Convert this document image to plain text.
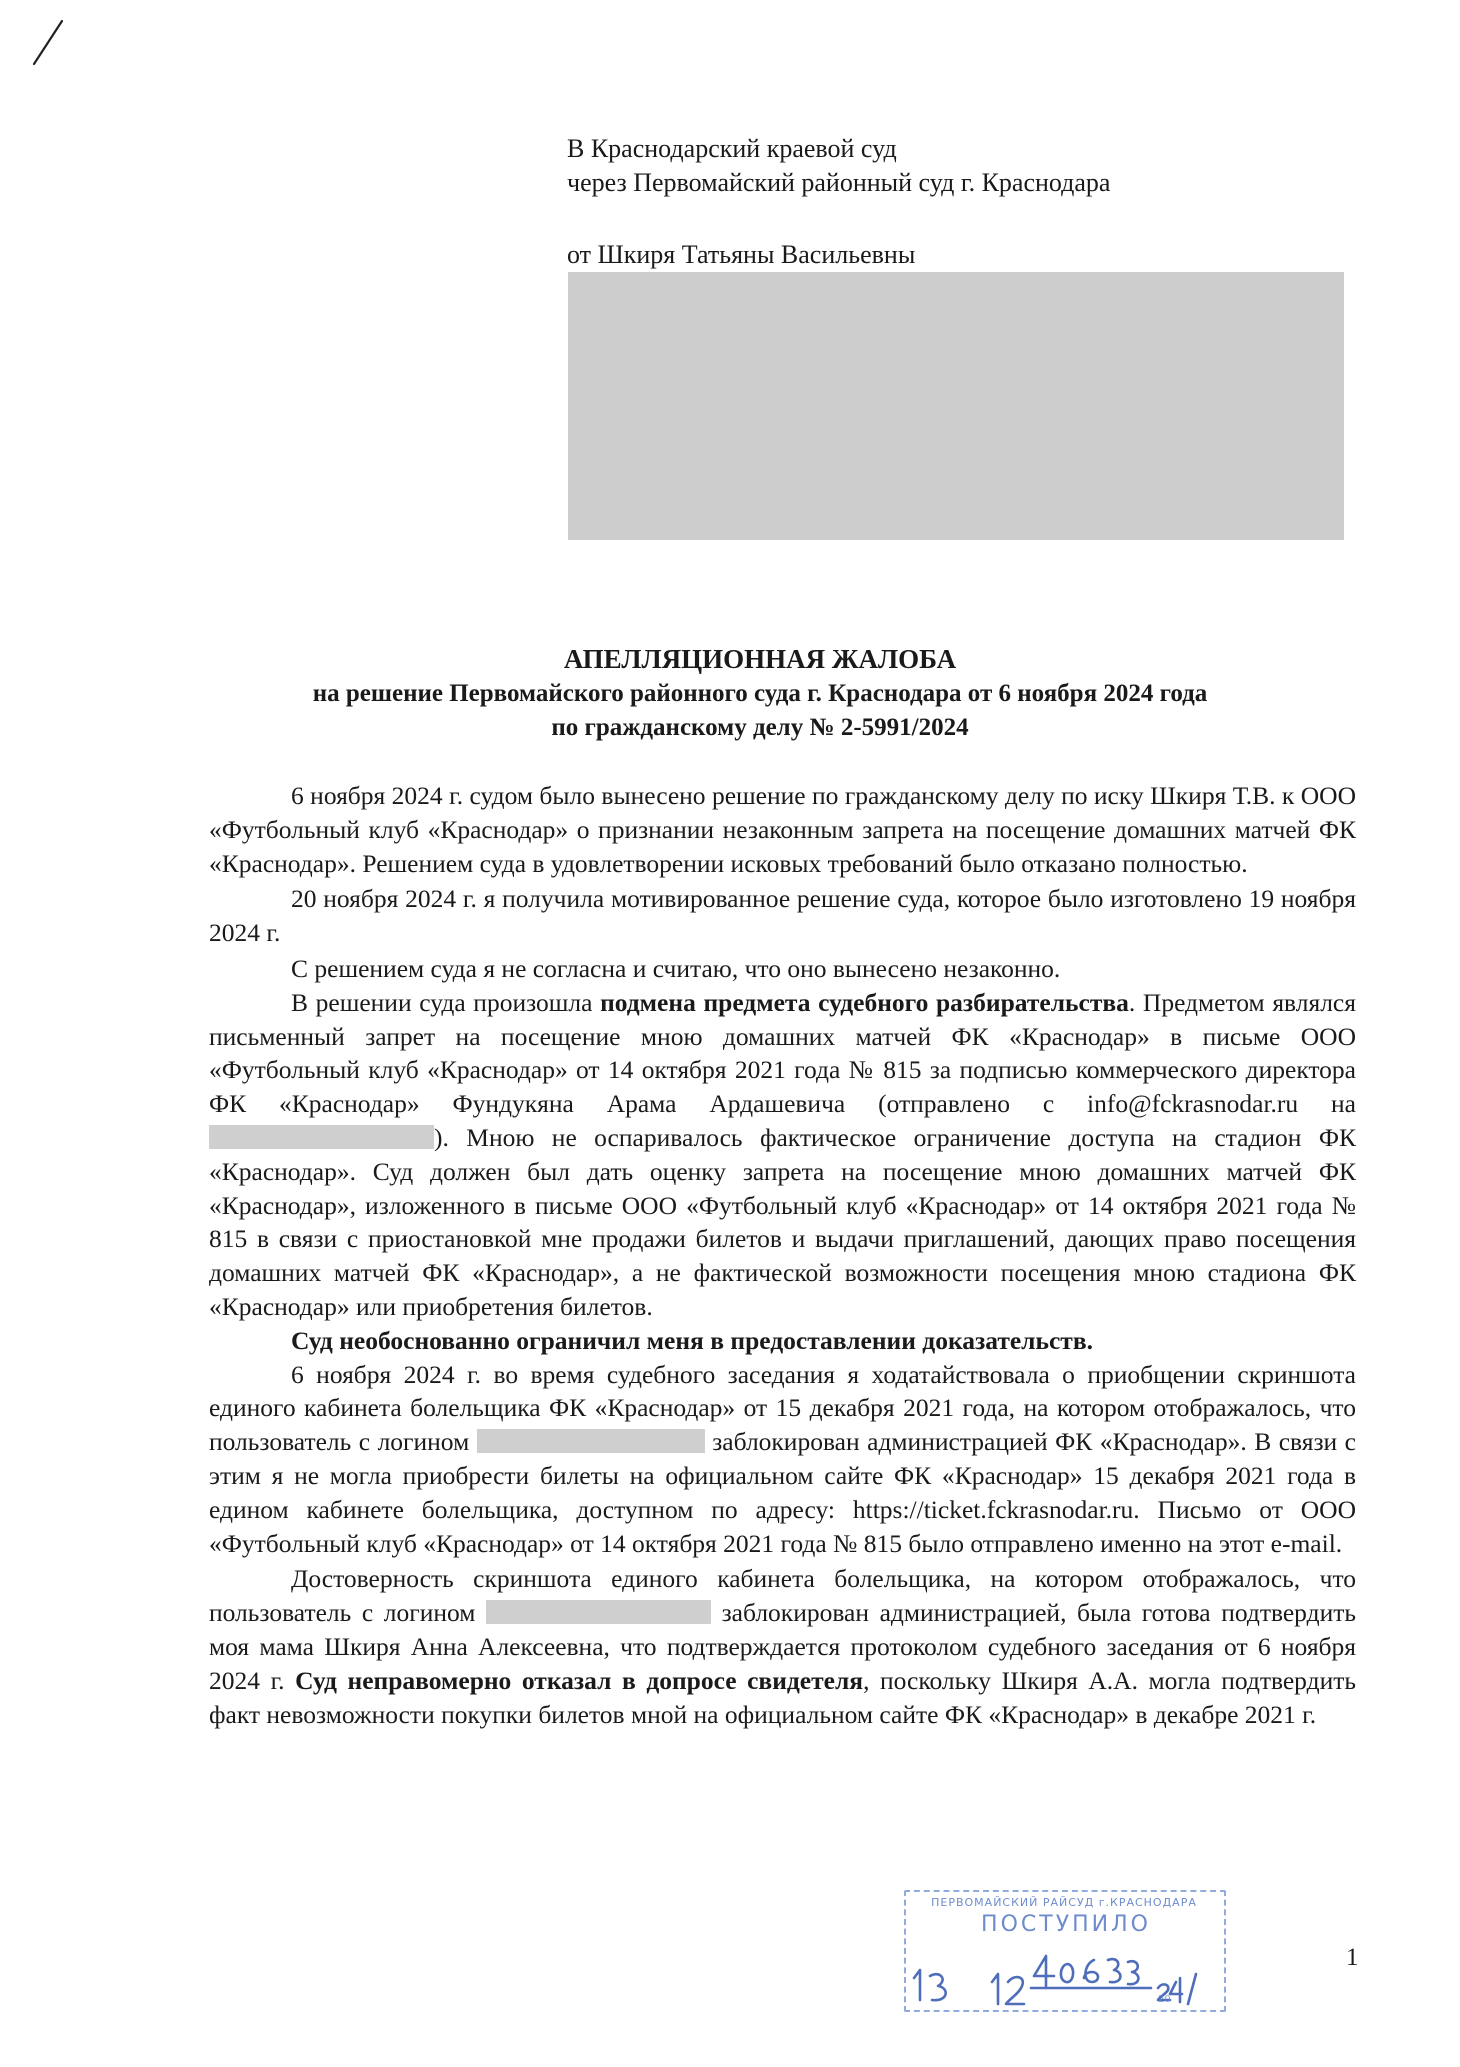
В Краснодарский краевой суд
через Первомайский районный суд г. Краснодара
от Шкиря Татьяны Васильевны
АПЕЛЛЯЦИОННАЯ ЖАЛОБА
на решение Первомайского районного суда г. Краснодара от 6 ноября 2024 года
по гражданскому делу № 2-5991/2024

6 ноября 2024 г. судом было вынесено решение по гражданскому делу по иску Шкиря Т.В. к ООО «Футбольный клуб «Краснодар» о признании незаконным запрета на посещение домашних матчей ФК «Краснодар». Решением суда в удовлетворении исковых требований было отказано полностью.

20 ноября 2024 г. я получила мотивированное решение суда, которое было изготовлено 19 ноября 2024 г.

С решением суда я не согласна и считаю, что оно вынесено незаконно.

В решении суда произошла подмена предмета судебного разбирательства. Предметом являлся письменный запрет на посещение мною домашних матчей ФК «Краснодар» в письме ООО «Футбольный клуб «Краснодар» от 14 октября 2021 года № 815 за подписью коммерческого директора ФК «Краснодар» Фундукяна Арама Ардашевича (отправлено с info@fckrasnodar.ru на ). Мною не оспаривалось фактическое ограничение доступа на стадион ФК «Краснодар». Суд должен был дать оценку запрета на посещение мною домашних матчей ФК «Краснодар», изложенного в письме ООО «Футбольный клуб «Краснодар» от 14 октября 2021 года № 815 в связи с приостановкой мне продажи билетов и выдачи приглашений, дающих право посещения домашних матчей ФК «Краснодар», а не фактической возможности посещения мною стадиона ФК «Краснодар» или приобретения билетов.

Суд необоснованно ограничил меня в предоставлении доказательств.

6 ноября 2024 г. во время судебного заседания я ходатайствовала о приобщении скриншота единого кабинета болельщика ФК «Краснодар» от 15 декабря 2021 года, на котором отображалось, что пользователь с логином	заблокирован администрацией ФК «Краснодар». В связи с этим я не могла приобрести билеты на официальном сайте ФК «Краснодар» 15 декабря 2021 года в едином кабинете болельщика, доступном по адресу: https://ticket.fckrasnodar.ru. Письмо от ООО «Футбольный клуб «Краснодар» от 14 октября 2021 года № 815 было отправлено именно на этот e-mail.

Достоверность скриншота единого кабинета болельщика, на котором отображалось, что пользователь с логином	заблокирован администрацией, была готова подтвердить моя мама Шкиря Анна Алексеевна, что подтверждается протоколом судебного заседания от 6 ноября 2024 г. Суд неправомерно отказал в допросе свидетеля, поскольку Шкиря А.А. могла подтвердить факт невозможности покупки билетов мной на официальном сайте ФК «Краснодар» в декабре 2021 г.

ПЕРВОМАЙСКИЙ РАЙСУД г.КРАСНОДАРА
ПОСТУПИЛО
20
1
